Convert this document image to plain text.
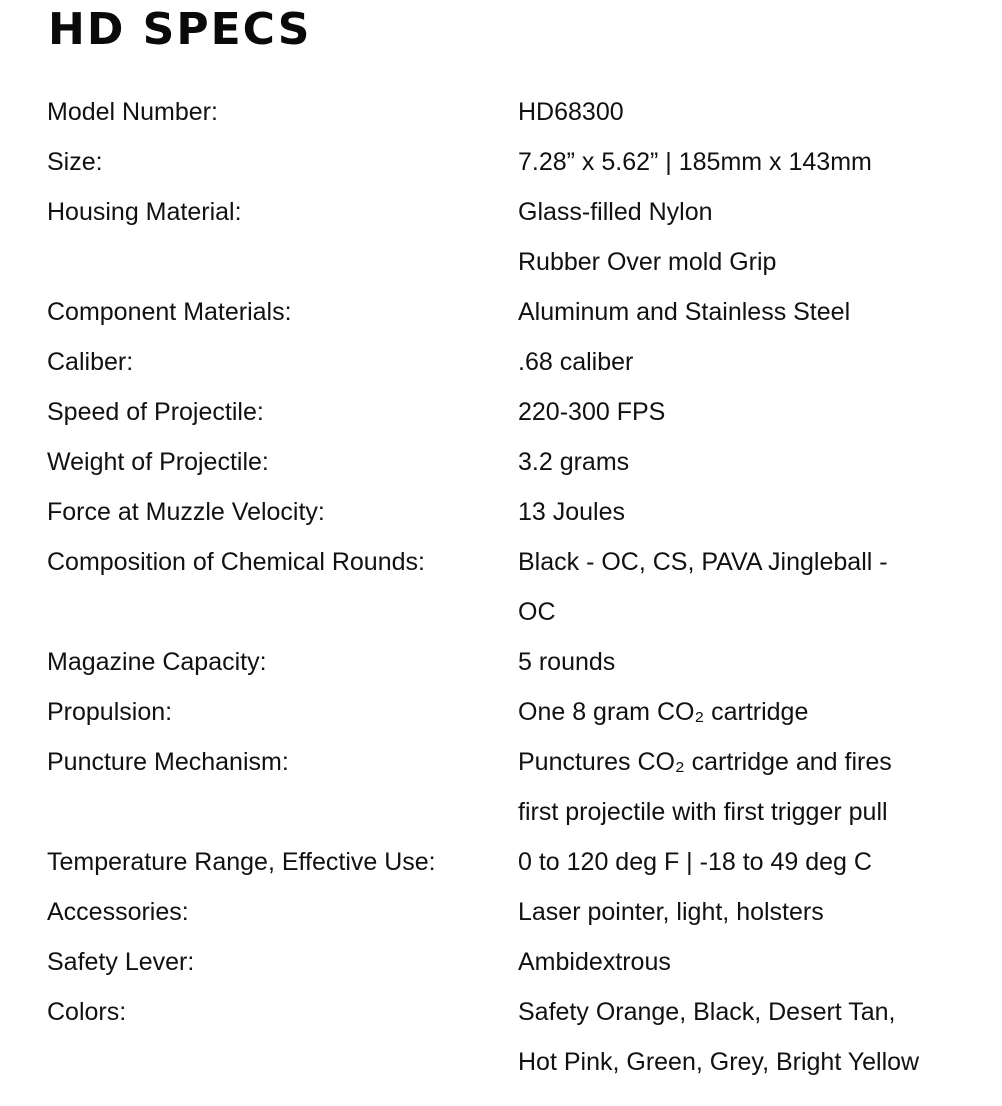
HD SPECS
Model Number:	HD68300
Size:	7.28” x 5.62” | 185mm x 143mm
Housing Material:	Glass-filled Nylon
Rubber Over mold Grip
Component Materials:	Aluminum and Stainless Steel
Caliber:	.68 caliber
Speed of Projectile:	220-300 FPS
Weight of Projectile:	3.2 grams
Force at Muzzle Velocity:	13 Joules
Composition of Chemical Rounds:	Black - OC, CS, PAVA Jingleball -
OC
Magazine Capacity:	5 rounds
Propulsion:	One 8 gram CO₂ cartridge
Puncture Mechanism:	Punctures CO₂ cartridge and fires
first projectile with first trigger pull
Temperature Range, Effective Use:	0 to 120 deg F | -18 to 49 deg C
Accessories:	Laser pointer, light, holsters
Safety Lever:	Ambidextrous
Colors:	Safety Orange, Black, Desert Tan,
Hot Pink, Green, Grey, Bright Yellow
